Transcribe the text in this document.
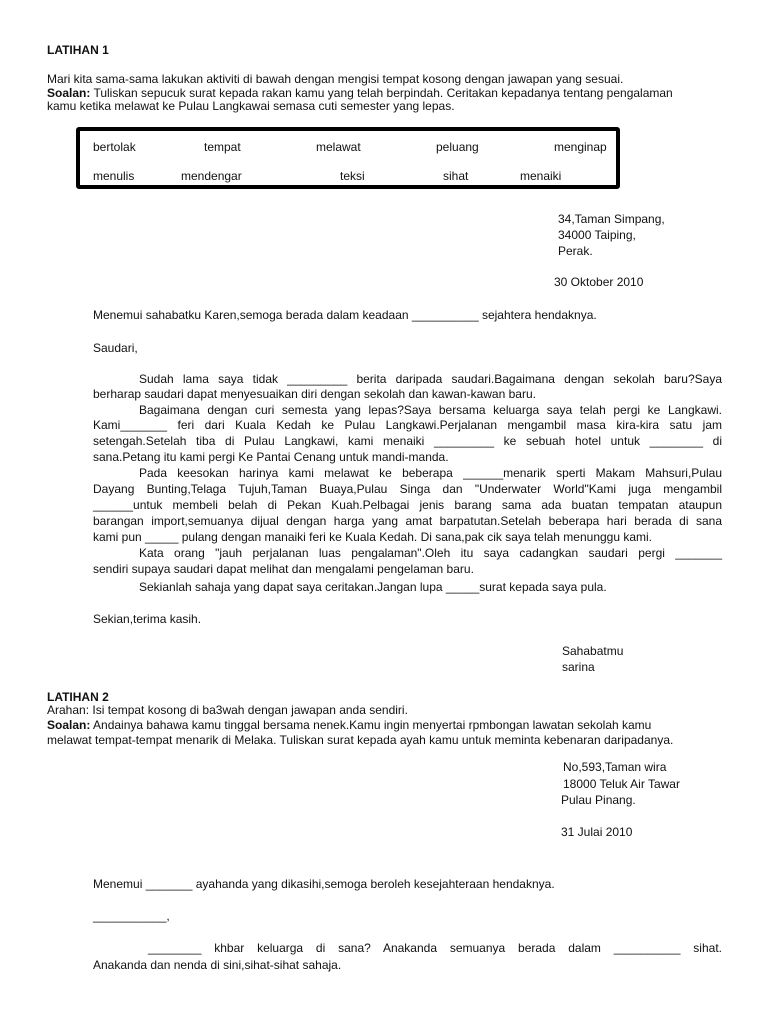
LATIHAN 1
Mari kita sama-sama lakukan aktiviti di bawah dengan mengisi tempat kosong dengan jawapan yang sesuai.
Soalan: Tuliskan sepucuk surat kepada rakan kamu yang telah berpindah. Ceritakan kepadanya tentang pengalaman
kamu ketika melawat ke Pulau Langkawai semasa cuti semester yang lepas.
bertolak	tempat	melawat	peluang	menginap
menulis	mendengar	teksi	sihat	menaiki
34,Taman Simpang,
34000 Taiping,
Perak.
30 Oktober 2010
Menemui sahabatku Karen,semoga berada dalam keadaan __________ sejahtera hendaknya.
Saudari,
Sudah lama saya tidak _________ berita daripada saudari.Bagaimana dengan sekolah baru?Saya
berharap saudari dapat menyesuaikan diri dengan sekolah dan kawan-kawan baru.
Bagaimana dengan curi semesta yang lepas?Saya bersama keluarga saya telah pergi ke Langkawi.
Kami_______ feri dari Kuala Kedah ke Pulau Langkawi.Perjalanan mengambil masa kira-kira satu jam
setengah.Setelah tiba di Pulau Langkawi, kami menaiki _________ ke sebuah hotel untuk ________ di
sana.Petang itu kami pergi Ke Pantai Cenang untuk mandi-manda.
Pada keesokan harinya kami melawat ke beberapa ______menarik sperti Makam Mahsuri,Pulau
Dayang Bunting,Telaga Tujuh,Taman Buaya,Pulau Singa dan "Underwater World"Kami juga mengambil
______untuk membeli belah di Pekan Kuah.Pelbagai jenis barang sama ada buatan tempatan ataupun
barangan import,semuanya dijual dengan harga yang amat barpatutan.Setelah beberapa hari berada di sana
kami pun _____ pulang dengan manaiki feri ke Kuala Kedah. Di sana,pak cik saya telah menunggu kami.
Kata orang "jauh perjalanan luas pengalaman".Oleh itu saya cadangkan saudari pergi _______
sendiri supaya saudari dapat melihat dan mengalami pengelaman baru.
Sekianlah sahaja yang dapat saya ceritakan.Jangan lupa _____surat kepada saya pula.
Sekian,terima kasih.
Sahabatmu
sarina
LATIHAN 2
Arahan: Isi tempat kosong di ba3wah dengan jawapan anda sendiri.
Soalan: Andainya bahawa kamu tinggal bersama nenek.Kamu ingin menyertai rpmbongan lawatan sekolah kamu
melawat tempat-tempat menarik di Melaka. Tuliskan surat kepada ayah kamu untuk meminta kebenaran daripadanya.
No,593,Taman wira
18000 Teluk Air Tawar
Pulau Pinang.
31 Julai 2010
Menemui _______ ayahanda yang dikasihi,semoga beroleh kesejahteraan hendaknya.
___________,
________ khbar keluarga di sana? Anakanda semuanya berada dalam __________ sihat.
Anakanda dan nenda di sini,sihat-sihat sahaja.
